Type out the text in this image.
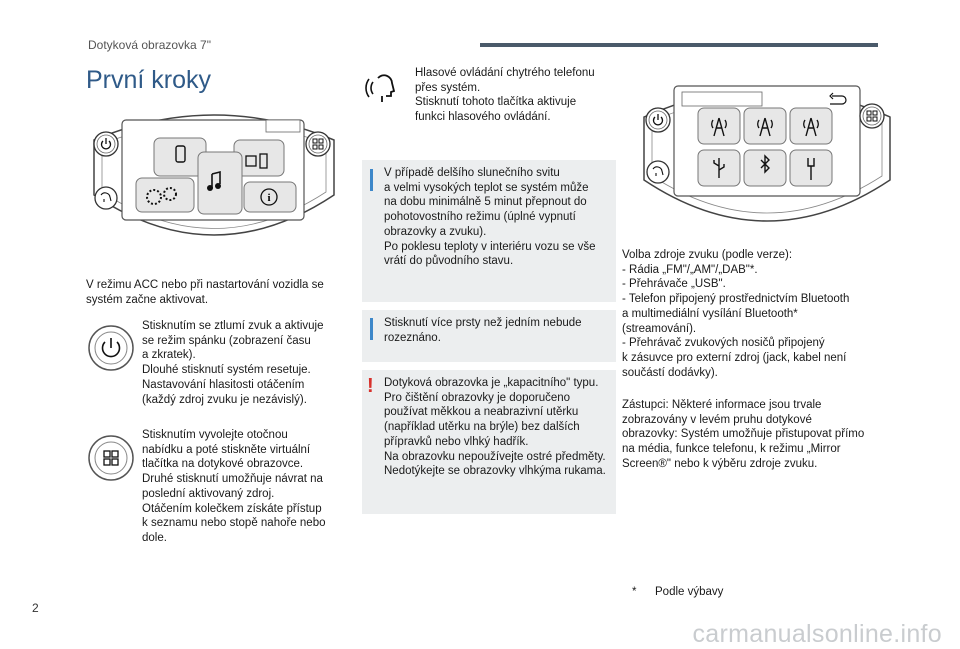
Dotyková obrazovka 7"
První kroky
i
V režimu ACC nebo při nastartování vozidla se
systém začne aktivovat.
Stisknutím se ztlumí zvuk a aktivuje
se režim spánku (zobrazení času
a zkratek).
Dlouhé stisknutí systém resetuje.
Nastavování hlasitosti otáčením
(každý zdroj zvuku je nezávislý).
Stisknutím vyvolejte otočnou
nabídku a poté stiskněte virtuální
tlačítka na dotykové obrazovce.
Druhé stisknutí umožňuje návrat na
poslední aktivovaný zdroj.
Otáčením kolečkem získáte přístup
k seznamu nebo stopě nahoře nebo
dole.
Hlasové ovládání chytrého telefonu
přes systém.
Stisknutí tohoto tlačítka aktivuje
funkci hlasového ovládání.
V případě delšího slunečního svitu
a velmi vysokých teplot se systém může
na dobu minimálně 5 minut přepnout do
pohotovostního režimu (úplné vypnutí
obrazovky a zvuku).
Po poklesu teploty v interiéru vozu se vše
vrátí do původního stavu.
Stisknutí více prsty než jedním nebude
rozeznáno.
! Dotyková obrazovka je „kapacitního" typu.
Pro čištění obrazovky je doporučeno
používat měkkou a neabrazivní utěrku
(například utěrku na brýle) bez dalších
přípravků nebo vlhký hadřík.
Na obrazovku nepoužívejte ostré předměty.
Nedotýkejte se obrazovky vlhkýma rukama.
Volba zdroje zvuku (podle verze):
- Rádia „FM"/„AM"/„DAB"*.
- Přehrávače „USB".
- Telefon připojený prostřednictvím Bluetooth
a multimediální vysílání Bluetooth*
(streamování).
- Přehrávač zvukových nosičů připojený
k zásuvce pro externí zdroj (jack, kabel není
součástí dodávky).
Zástupci: Některé informace jsou trvale
zobrazovány v levém pruhu dotykové
obrazovky: Systém umožňuje přistupovat přímo
na média, funkce telefonu, k režimu „Mirror
Screen®" nebo k výběru zdroje zvuku.
* Podle výbavy
2
carmanualsonline.info
